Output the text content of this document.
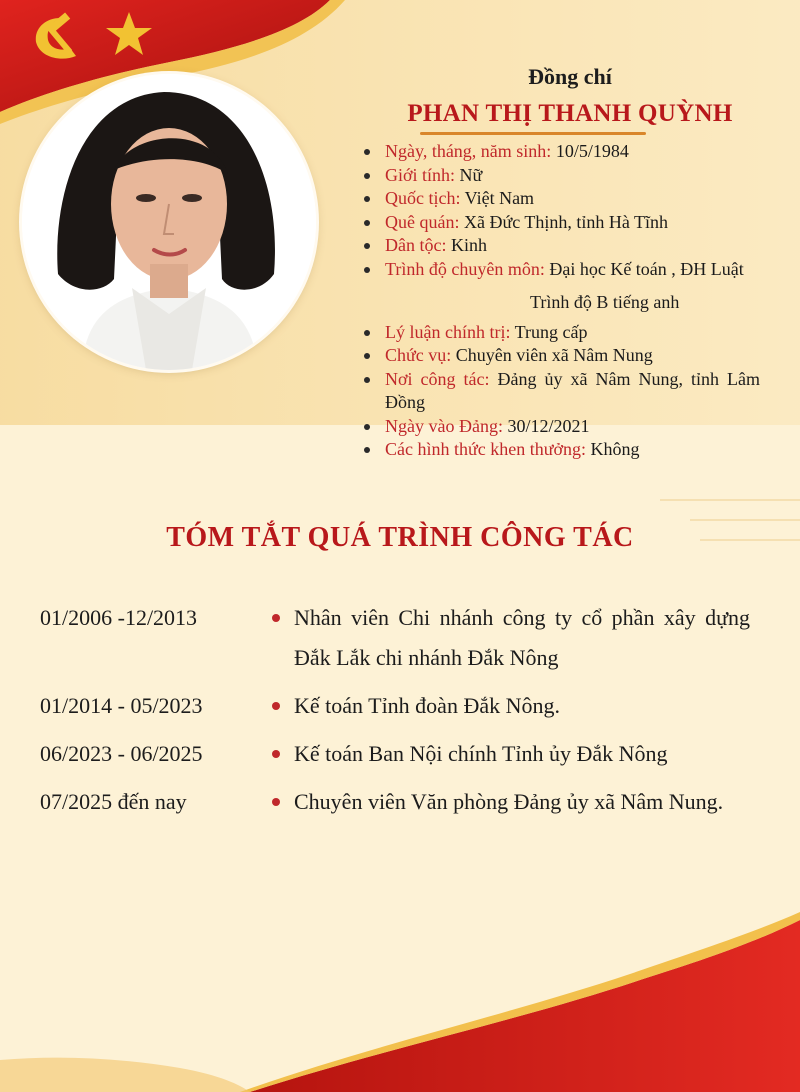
Đồng chí
PHAN THỊ THANH QUỲNH
Ngày, tháng, năm sinh: 10/5/1984
Giới tính: Nữ
Quốc tịch: Việt Nam
Quê quán: Xã Đức Thịnh, tỉnh Hà Tĩnh
Dân tộc: Kinh
Trình độ chuyên môn: Đại học Kế toán , ĐH Luật
Trình độ B tiếng anh
Lý luận chính trị: Trung cấp
Chức vụ: Chuyên viên xã Nâm Nung
Nơi công tác: Đảng ủy xã Nâm Nung, tỉnh Lâm Đồng
Ngày vào Đảng: 30/12/2021
Các hình thức khen thưởng: Không
TÓM TẮT QUÁ TRÌNH CÔNG TÁC
01/2006 -12/2013	Nhân viên Chi nhánh công ty cổ phần xây dựng Đắk Lắk chi nhánh Đắk Nông
01/2014 - 05/2023	Kế toán Tỉnh đoàn Đắk Nông.
06/2023 - 06/2025	Kế toán Ban Nội chính Tỉnh ủy Đắk Nông
07/2025 đến nay	Chuyên viên Văn phòng Đảng ủy xã Nâm Nung.
